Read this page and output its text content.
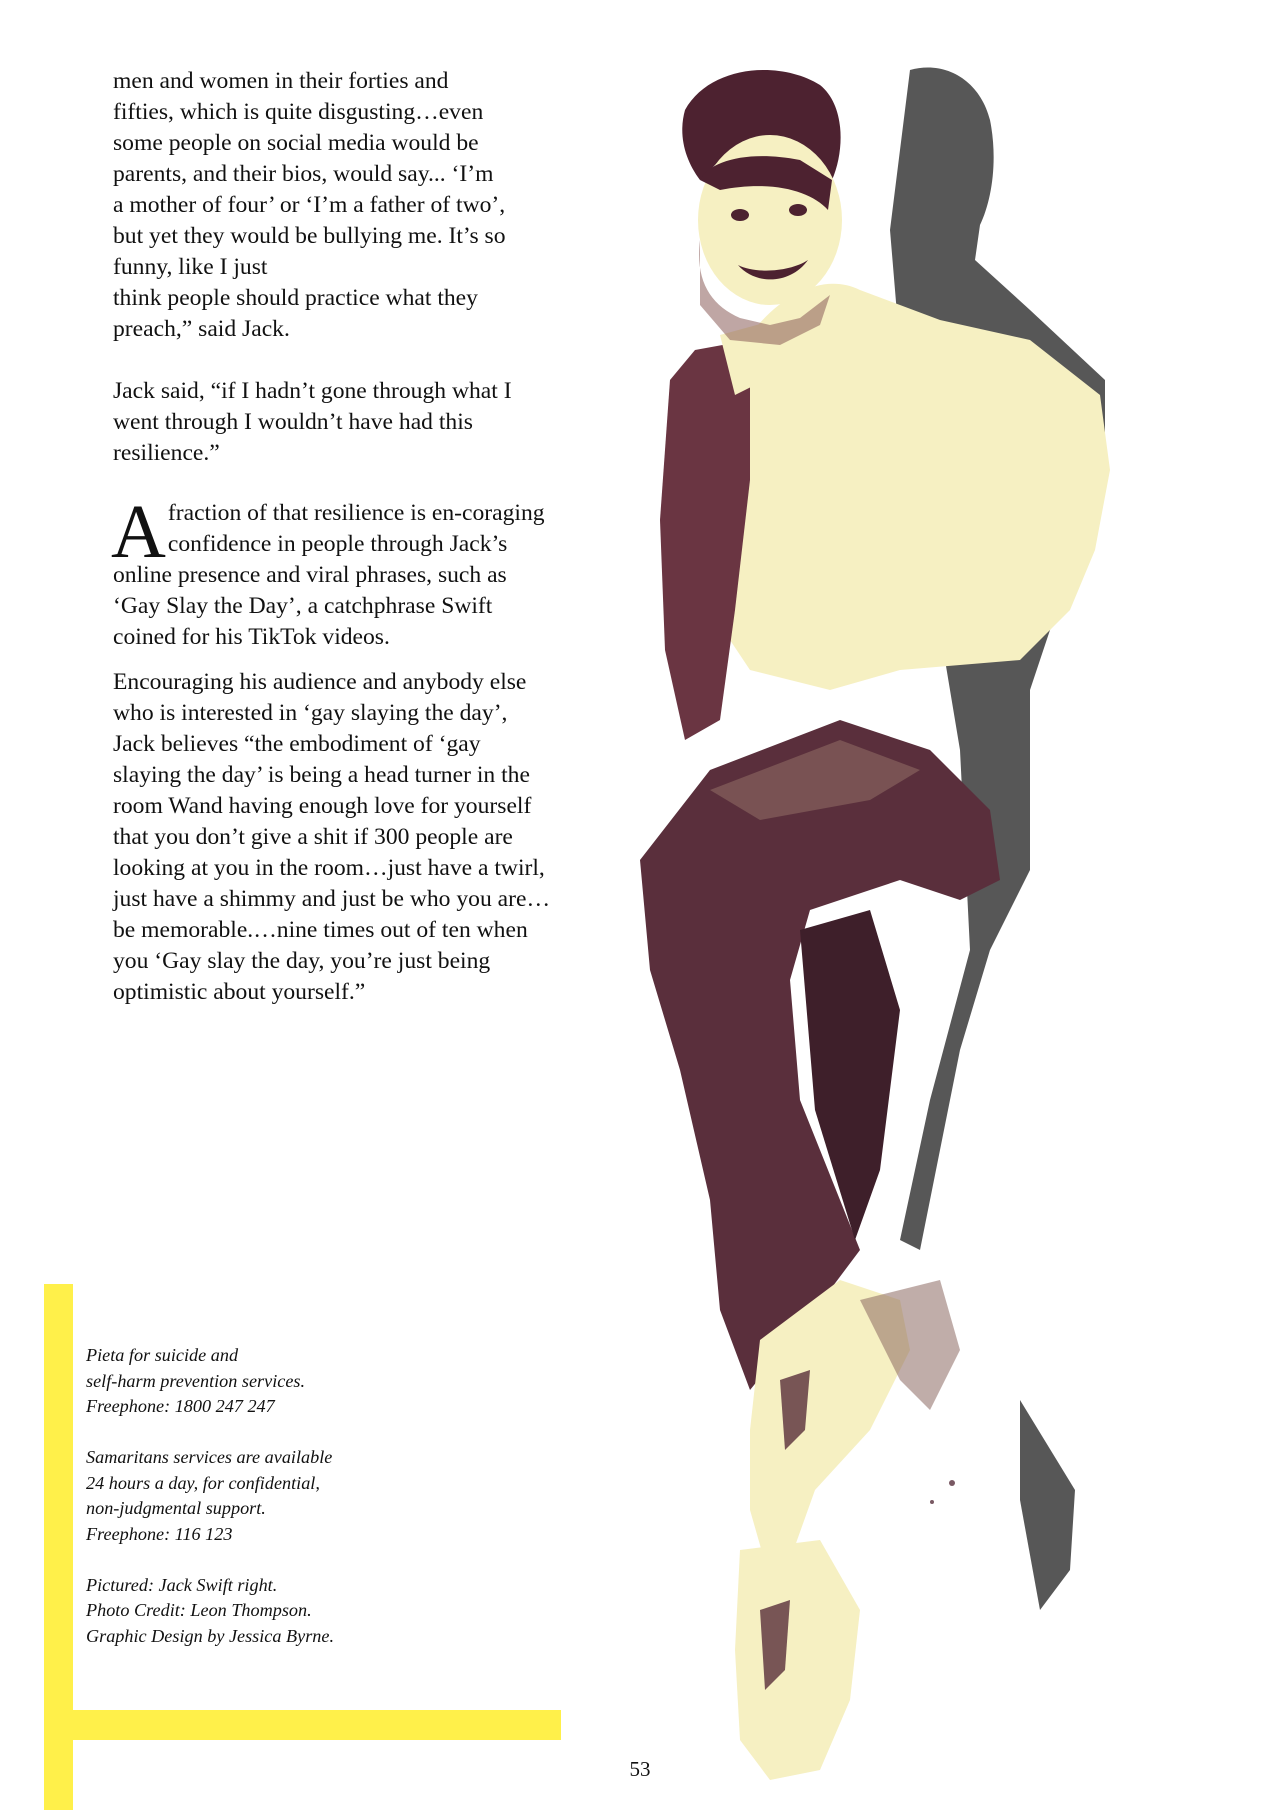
men and women in their forties and
fifties, which is quite disgusting…even
some people on social media would be
parents, and their bios, would say... ‘I’m
a mother of four’ or ‘I’m a father of two’,
but yet they would be bullying me. It’s so
funny, like I just
think people should practice what they
preach,” said Jack.

Jack said, “if I hadn’t gone through what I went through I wouldn’t have had this resilience.”

Afraction of that resilience is en-coraging confidence in people through Jack’s online presence and viral phrases, such as ‘Gay Slay the Day’, a catchphrase Swift coined for his TikTok videos.

Encouraging his audience and anybody else who is interested in ‘gay slaying the day’, Jack believes “the embodiment of ‘gay slaying the day’ is being a head turner in the room Wand having enough love for yourself that you don’t give a shit if 300 people are looking at you in the room…just have a twirl, just have a shimmy and just be who you are…be memorable.…nine times out of ten when you ‘Gay slay the day, you’re just being optimistic about yourself.”

Pieta for suicide and
self-harm prevention services.
Freephone: 1800 247 247

Samaritans services are available
24 hours a day, for confidential,
non-judgmental support.
Freephone: 116 123

Pictured: Jack Swift right.
Photo Credit: Leon Thompson.
Graphic Design by Jessica Byrne.

53
